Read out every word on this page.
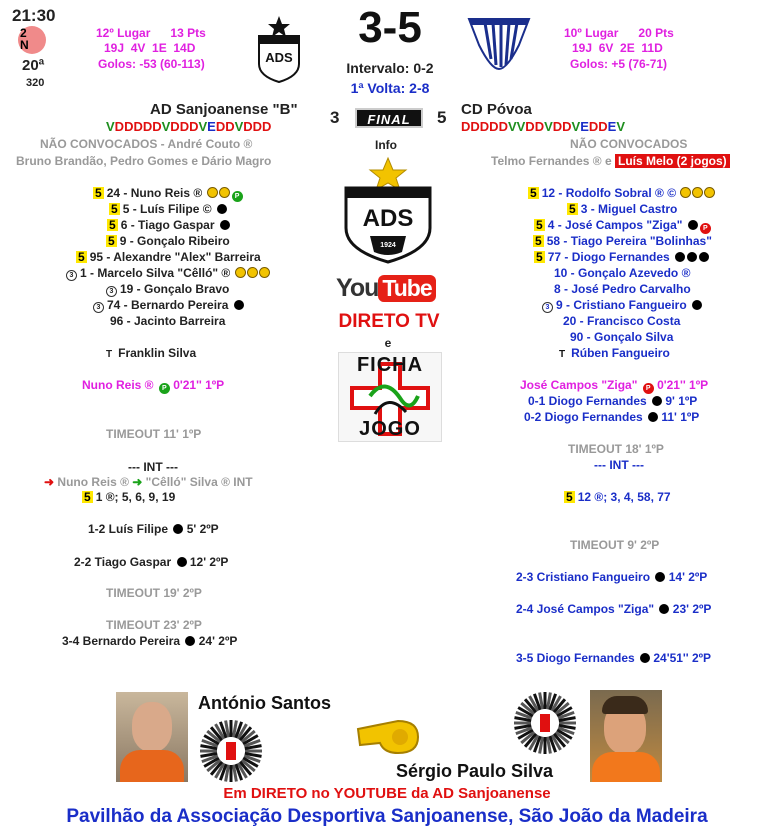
21:30
2
N
20ª
320
12º Lugar      13 Pts
19J  4V  1E  14D
Golos: -53 (60-113)	ADS
3-5
Intervalo: 0-2
1ª Volta: 2-8
10º Lugar      20 Pts
19J  6V  2E  11D
Golos: +5 (76-71)
AD Sanjoanense "B"
VDDDDDVDDDVEDDVDDD	3	FINAL	5 CD Póvoa
DDDDDVVDDVDDVEDDEV
NÃO CONVOCADOS - André Couto ®
Bruno Brandão, Pedro Gomes e Dário Magro
Info	NÃO CONVOCADOS
Telmo Fernandes ® e Luís Melo (2 jogos)
5 24 - Nuno Reis ®	P
5 5 - Luís Filipe ©
5 6 - Tiago Gaspar
5 9 - Gonçalo Ribeiro
5 95 - Alexandre "Alex" Barreira
3 1 - Marcelo Silva "Cêlló" ®
3 19 - Gonçalo Bravo
3 74 - Bernardo Pereira
96 - Jacinto Barreira
5 12 - Rodolfo Sobral ® ©
5 3 - Miguel Castro
5 4 - José Campos "Ziga"	P
5 58 - Tiago Pereira "Bolinhas"
5 77 - Diogo Fernandes
10 - Gonçalo Azevedo ®
8 - José Pedro Carvalho
3 9 - Cristiano Fangueiro
20 - Francisco Costa
90 - Gonçalo Silva
T Franklin Silva	T Rúben Fangueiro
ADS
1924
You Tube
DIRETO TV
e
FICHA
JOGO
Nuno Reis ® P 0'21'' 1ºP
TIMEOUT 11' 1ºP
--- INT ---
➜ Nuno Reis ® ➜ "Cêlló" Silva ® INT
5 1 ®; 5, 6, 9, 19
1-2 Luís Filipe 5' 2ºP
2-2 Tiago Gaspar 12' 2ºP
TIMEOUT 19' 2ºP
TIMEOUT 23' 2ºP
3-4 Bernardo Pereira 24' 2ºP
José Campos "Ziga" P 0'21'' 1ºP
0-1 Diogo Fernandes 9' 1ºP
0-2 Diogo Fernandes 11' 1ºP
TIMEOUT 18' 1ºP
--- INT ---
5 12 ®; 3, 4, 58, 77
TIMEOUT 9' 2ºP
2-3 Cristiano Fangueiro 14' 2ºP
2-4 José Campos "Ziga" 23' 2ºP
3-5 Diogo Fernandes 24'51'' 2ºP
António Santos
Sérgio Paulo Silva
Em DIRETO no YOUTUBE da AD Sanjoanense
Pavilhão da Associação Desportiva Sanjoanense, São João da Madeira
